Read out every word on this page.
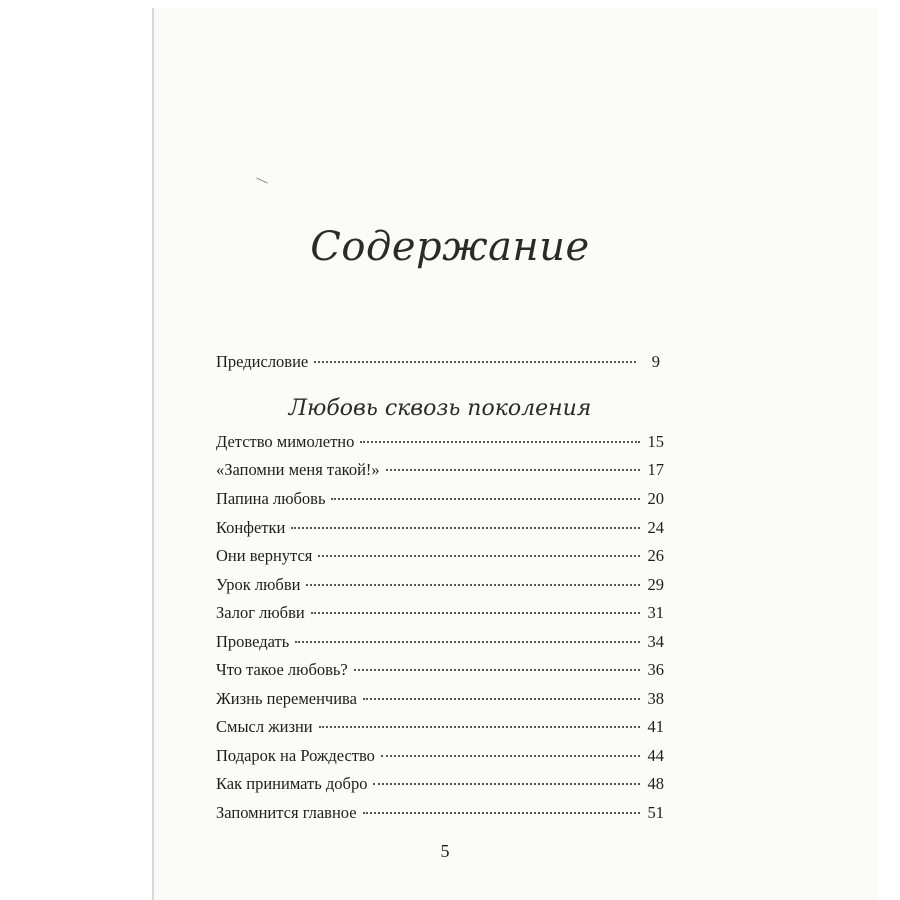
Содержание
Предисловие	9
Любовь сквозь поколения
Детство мимолетно	15
«Запомни меня такой!»	17
Папина любовь	20
Конфетки	24
Они вернутся	26
Урок любви	29
Залог любви	31
Проведать	34
Что такое любовь?	36
Жизнь переменчива	38
Смысл жизни	41
Подарок на Рождество	44
Как принимать добро	48
Запомнится главное	51
5
